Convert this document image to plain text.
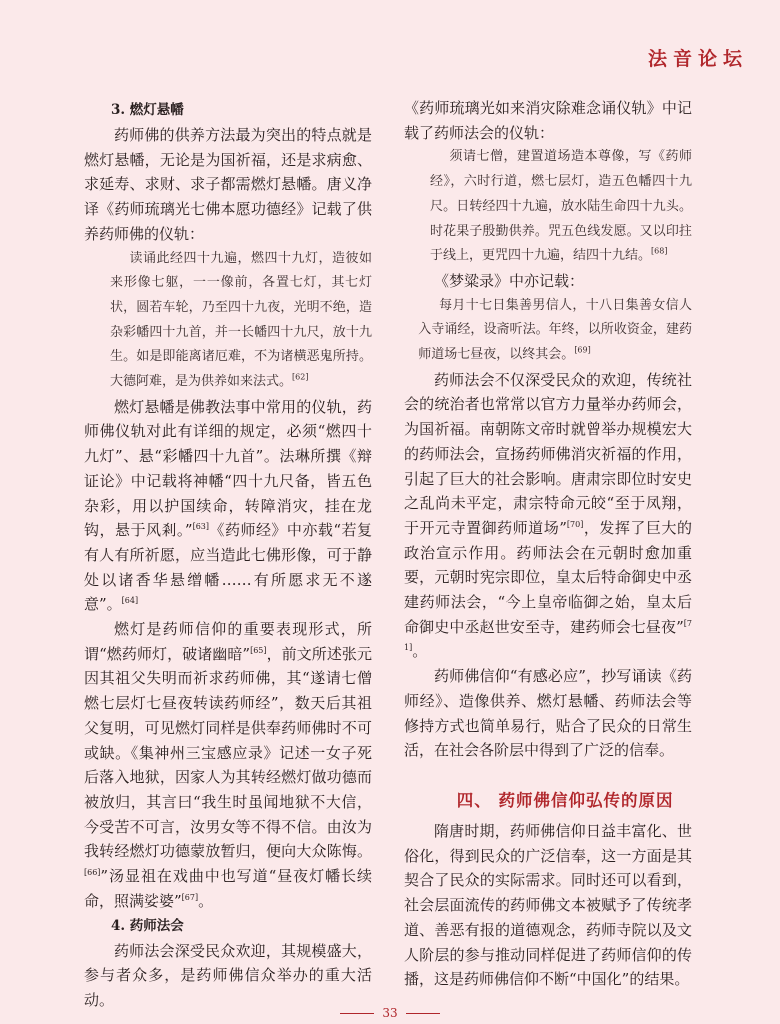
法音论坛
3. 燃灯悬幡

药师佛的供养方法最为突出的特点就是燃灯悬幡，无论是为国祈福，还是求病愈、求延寿、求财、求子都需燃灯悬幡。唐义净译《药师琉璃光七佛本愿功德经》记载了供养药师佛的仪轨：

读诵此经四十九遍，燃四十九灯，造彼如来形像七躯，一一像前，各置七灯，其七灯状，圆若车轮，乃至四十九夜，光明不绝，造杂彩幡四十九首，并一长幡四十九尺，放十九生。如是即能离诸厄难，不为诸横恶鬼所持。大德阿难，是为供养如来法式。[62]

燃灯悬幡是佛教法事中常用的仪轨，药师佛仪轨对此有详细的规定，必须“燃四十九灯”、悬“彩幡四十九首”。法琳所撰《辩证论》中记载将神幡“四十九尺备，皆五色杂彩，用以护国续命，转障消灾，挂在龙钩，悬于风剎。”[63]《药师经》中亦载“若复有人有所祈愿，应当造此七佛形像，可于静处以诸香华悬缯幡……有所愿求无不遂意”。[64]

燃灯是药师信仰的重要表现形式，所谓“燃药师灯，破诸幽暗”[65]，前文所述张元因其祖父失明而祈求药师佛，其“遂请七僧燃七层灯七昼夜转读药师经”，数天后其祖父复明，可见燃灯同样是供奉药师佛时不可或缺。《集神州三宝感应录》记述一女子死后落入地狱，因家人为其转经燃灯做功德而被放归，其言曰“我生时虽闻地狱不大信，今受苦不可言，汝男女等不得不信。由汝为我转经燃灯功德蒙放暂归，便向大众陈悔。[66]”汤显祖在戏曲中也写道“昼夜灯幡长续命，照满娑婆”[67]。

4. 药师法会

药师法会深受民众欢迎，其规模盛大，参与者众多，是药师佛信众举办的重大活动。

《药师琉璃光如来消灾除难念诵仪轨》中记载了药师法会的仪轨：

须请七僧，建置道场造本尊像，写《药师经》，六时行道，燃七层灯，造五色幡四十九尺。日转经四十九遍，放水陆生命四十九头。时花果子殷勤供养。咒五色线发愿。又以印拄于线上，更咒四十九遍，结四十九结。[68]

《梦粱录》中亦记载：

每月十七日集善男信人，十八日集善女信人入寺诵经，设斋听法。年终，以所收资金，建药师道场七昼夜，以终其会。[69]

药师法会不仅深受民众的欢迎，传统社会的统治者也常常以官方力量举办药师会，为国祈福。南朝陈文帝时就曾举办规模宏大的药师法会，宣扬药师佛消灾祈福的作用，引起了巨大的社会影响。唐肃宗即位时安史之乱尚未平定，肃宗特命元皎“至于凤翔，于开元寺置御药师道场”[70]，发挥了巨大的政治宣示作用。药师法会在元朝时愈加重要，元朝时宪宗即位，皇太后特命御史中丞建药师法会，“今上皇帝临御之始，皇太后命御史中丞赵世安至寺，建药师会七昼夜”[71]。

药师佛信仰“有感必应”，抄写诵读《药师经》、造像供养、燃灯悬幡、药师法会等修持方式也简单易行，贴合了民众的日常生活，在社会各阶层中得到了广泛的信奉。

四、 药师佛信仰弘传的原因

隋唐时期，药师佛信仰日益丰富化、世俗化，得到民众的广泛信奉，这一方面是其契合了民众的实际需求。同时还可以看到，社会层面流传的药师佛文本被赋予了传统孝道、善恶有报的道德观念，药师寺院以及文人阶层的参与推动同样促进了药师信仰的传播，这是药师佛信仰不断“中国化”的结果。

33
